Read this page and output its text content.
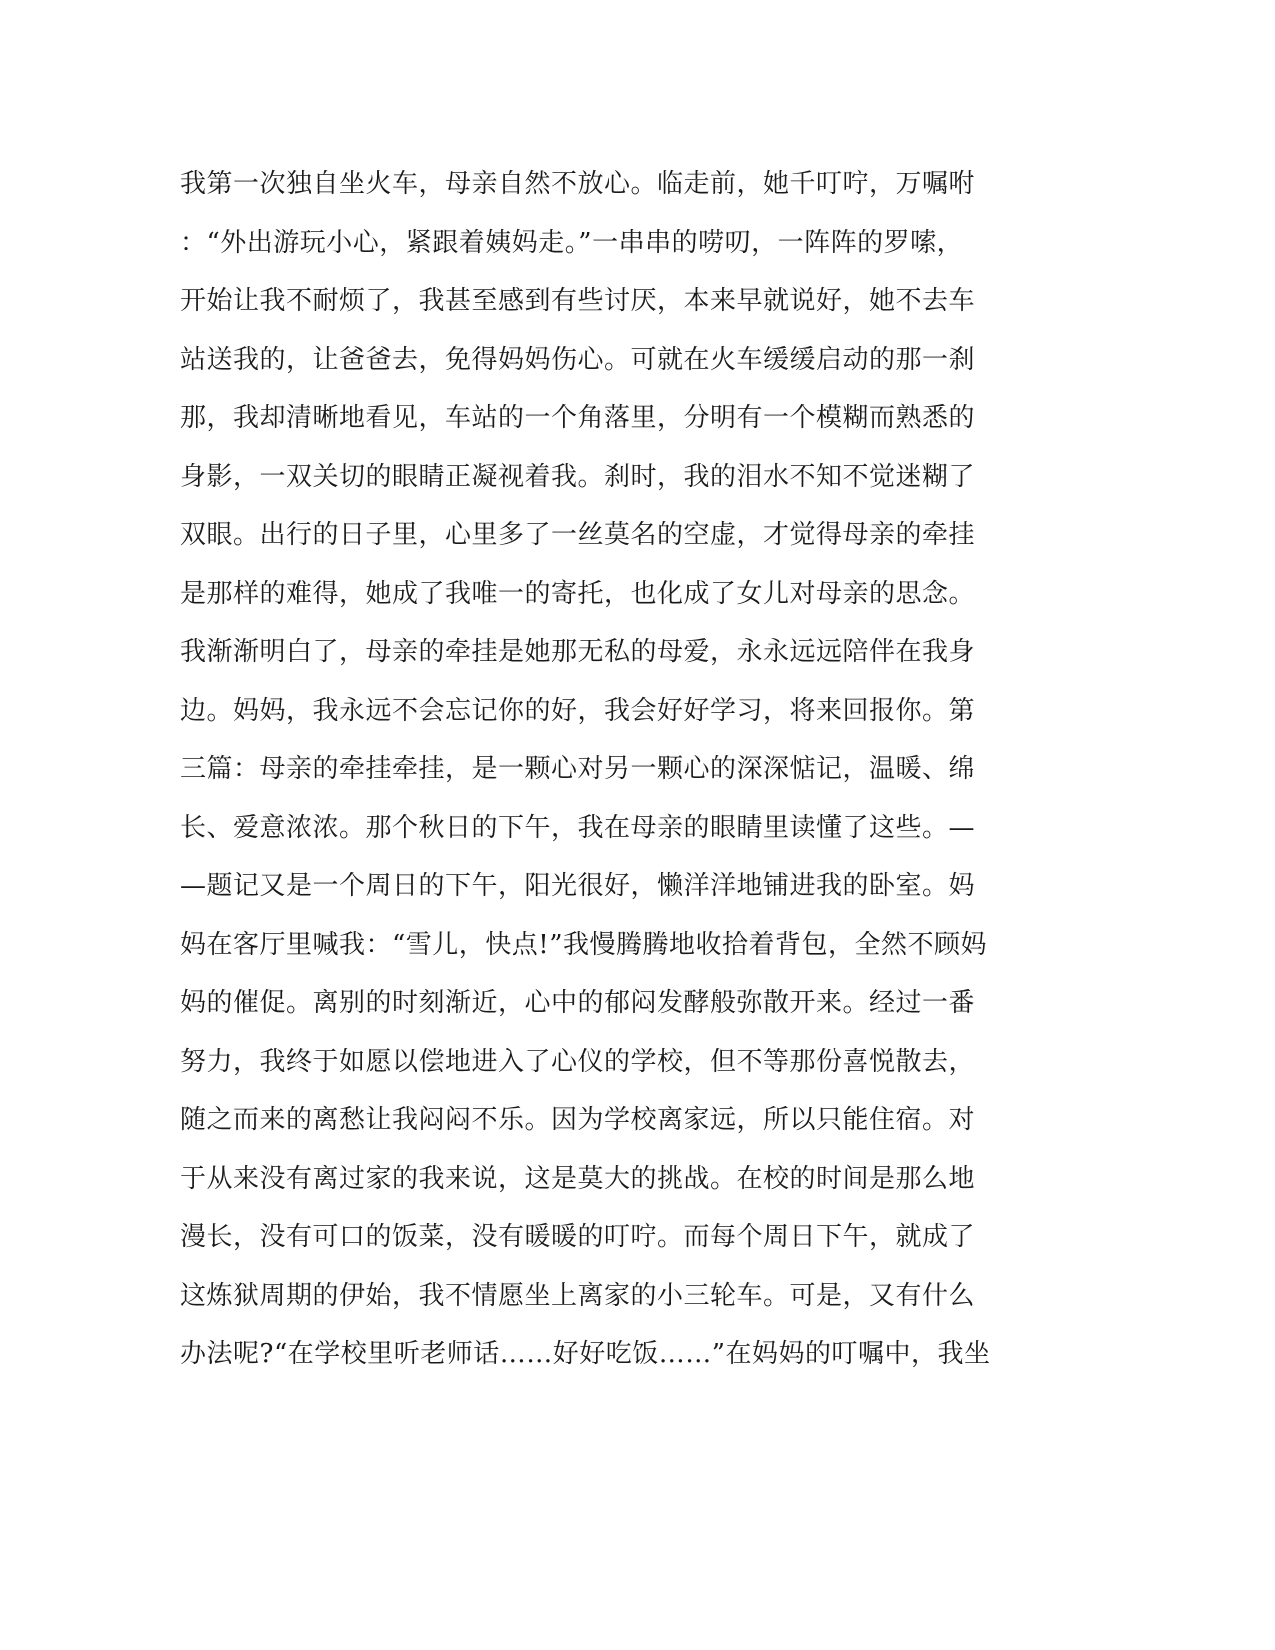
我第一次独自坐火车，母亲自然不放心。临走前，她千叮咛，万嘱咐
：“外出游玩小心，紧跟着姨妈走。”一串串的唠叨，一阵阵的罗嗦，
开始让我不耐烦了，我甚至感到有些讨厌，本来早就说好，她不去车
站送我的，让爸爸去，免得妈妈伤心。可就在火车缓缓启动的那一刹
那，我却清晰地看见，车站的一个角落里，分明有一个模糊而熟悉的
身影，一双关切的眼睛正凝视着我。刹时，我的泪水不知不觉迷糊了
双眼。出行的日子里，心里多了一丝莫名的空虚，才觉得母亲的牵挂
是那样的难得，她成了我唯一的寄托，也化成了女儿对母亲的思念。
我渐渐明白了，母亲的牵挂是她那无私的母爱，永永远远陪伴在我身
边。妈妈，我永远不会忘记你的好，我会好好学习，将来回报你。第
三篇：母亲的牵挂牵挂，是一颗心对另一颗心的深深惦记，温暖、绵
长、爱意浓浓。那个秋日的下午，我在母亲的眼睛里读懂了这些。—
—题记又是一个周日的下午，阳光很好，懒洋洋地铺进我的卧室。妈
妈在客厅里喊我：“雪儿，快点!”我慢腾腾地收拾着背包，全然不顾妈
妈的催促。离别的时刻渐近，心中的郁闷发酵般弥散开来。经过一番
努力，我终于如愿以偿地进入了心仪的学校，但不等那份喜悦散去，
随之而来的离愁让我闷闷不乐。因为学校离家远，所以只能住宿。对
于从来没有离过家的我来说，这是莫大的挑战。在校的时间是那么地
漫长，没有可口的饭菜，没有暖暖的叮咛。而每个周日下午，就成了
这炼狱周期的伊始，我不情愿坐上离家的小三轮车。可是，又有什么
办法呢?“在学校里听老师话……好好吃饭……”在妈妈的叮嘱中，我坐
